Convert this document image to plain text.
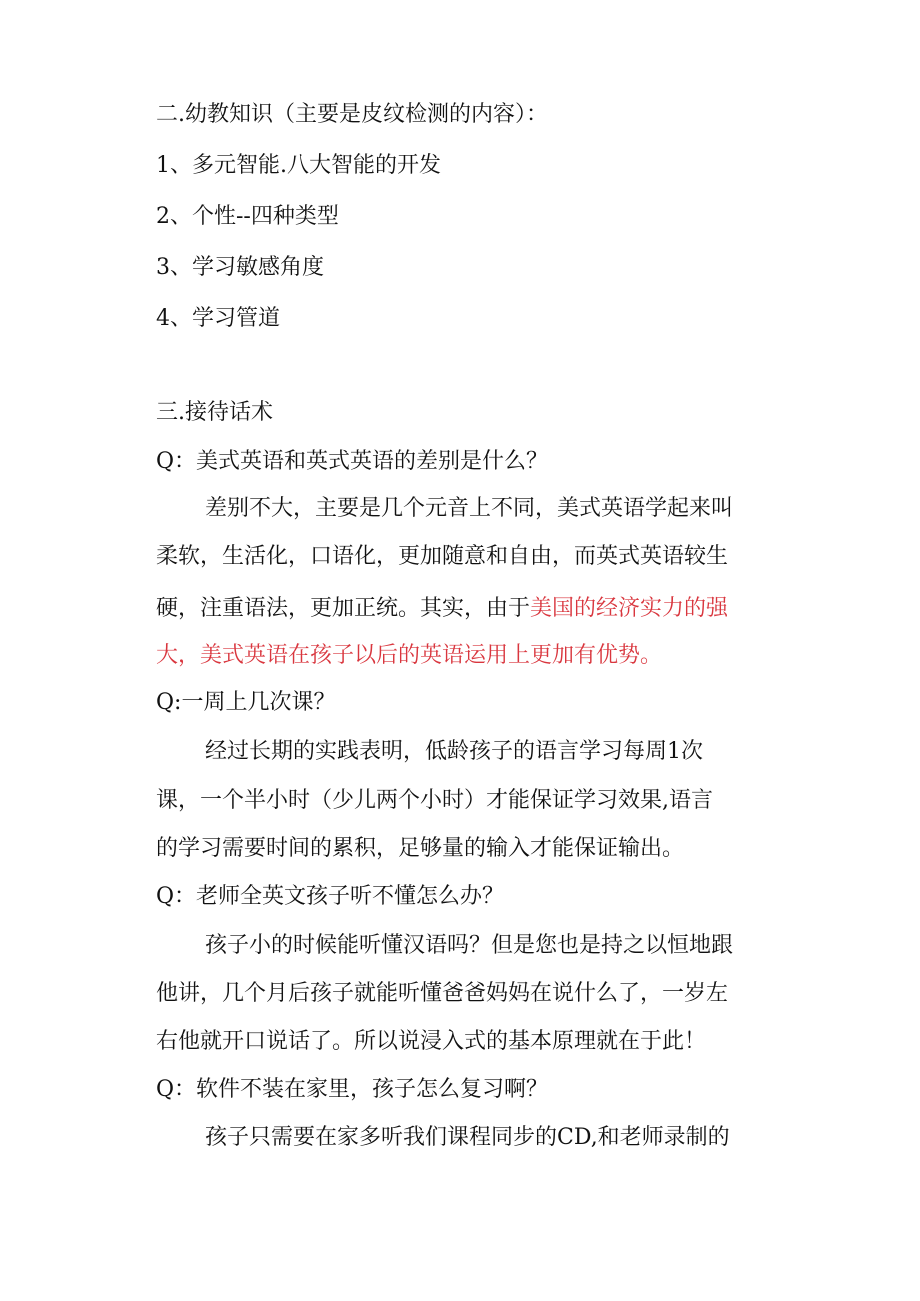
二.幼教知识（主要是皮纹检测的内容）：
1、多元智能.八大智能的开发
2、个性--四种类型
3、学习敏感角度
4、学习管道
三.接待话术
Q：美式英语和英式英语的差别是什么？
差别不大，主要是几个元音上不同，美式英语学起来叫
柔软，生活化，口语化，更加随意和自由，而英式英语较生
硬，注重语法，更加正统。其实，由于美国的经济实力的强
大，美式英语在孩子以后的英语运用上更加有优势。
Q:一周上几次课？
经过长期的实践表明，低龄孩子的语言学习每周1次
课，一个半小时（少儿两个小时）才能保证学习效果,语言
的学习需要时间的累积，足够量的输入才能保证输出。
Q：老师全英文孩子听不懂怎么办？
孩子小的时候能听懂汉语吗？但是您也是持之以恒地跟
他讲，几个月后孩子就能听懂爸爸妈妈在说什么了，一岁左
右他就开口说话了。所以说浸入式的基本原理就在于此！
Q：软件不装在家里，孩子怎么复习啊？
孩子只需要在家多听我们课程同步的CD,和老师录制的
